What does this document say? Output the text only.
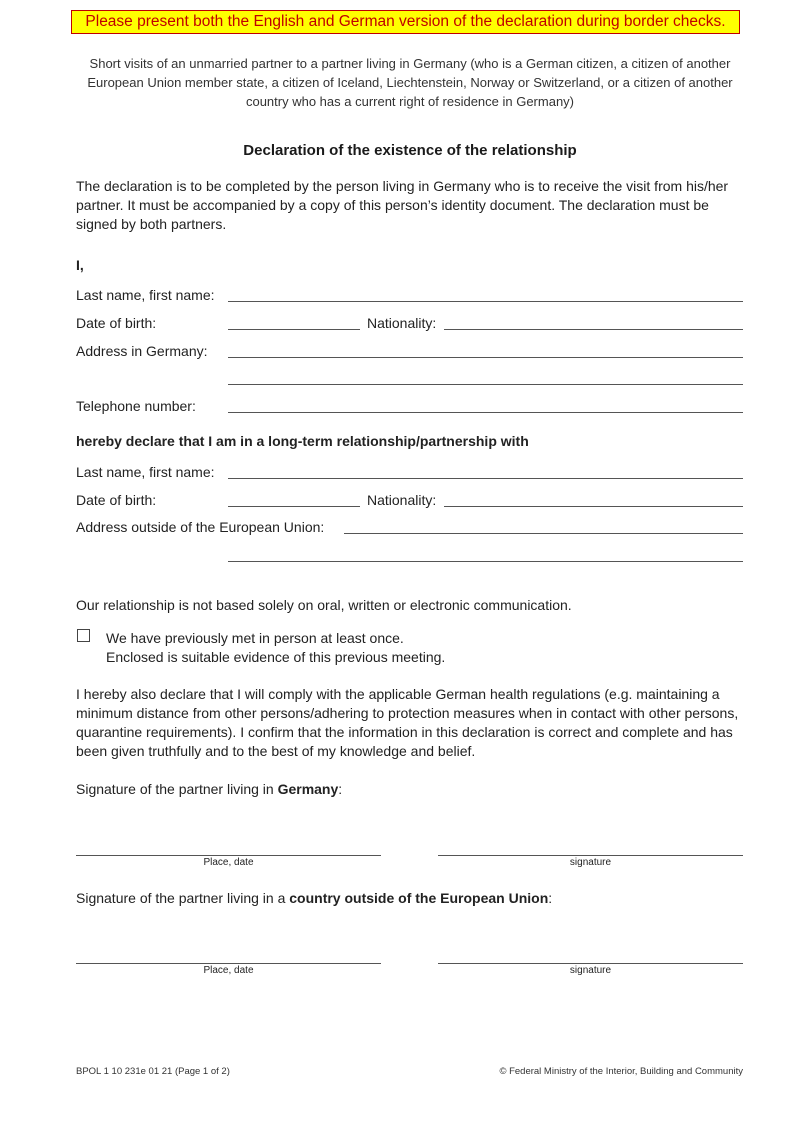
Please present both the English and German version of the declaration during border checks.
Short visits of an unmarried partner to a partner living in Germany (who is a German citizen, a citizen of another European Union member state, a citizen of Iceland, Liechtenstein, Norway or Switzerland, or a citizen of another country who has a current right of residence in Germany)
Declaration of the existence of the relationship
The declaration is to be completed by the person living in Germany who is to receive the visit from his/her partner. It must be accompanied by a copy of this person’s identity document. The declaration must be signed by both partners.
I,
Last name, first name:
Date of birth:	Nationality:
Address in Germany:
Telephone number:
hereby declare that I am in a long-term relationship/partnership with
Last name, first name:
Date of birth:	Nationality:
Address outside of the European Union:
Our relationship is not based solely on oral, written or electronic communication.
We have previously met in person at least once.
Enclosed is suitable evidence of this previous meeting.
I hereby also declare that I will comply with the applicable German health regulations (e.g. maintaining a minimum distance from other persons/adhering to protection measures when in contact with other persons, quarantine requirements). I confirm that the information in this declaration is correct and complete and has been given truthfully and to the best of my knowledge and belief.
Signature of the partner living in Germany:
Place, date	signature
Signature of the partner living in a country outside of the European Union:
Place, date	signature
BPOL 1 10 231e 01 21 (Page 1 of 2)	© Federal Ministry of the Interior, Building and Community
